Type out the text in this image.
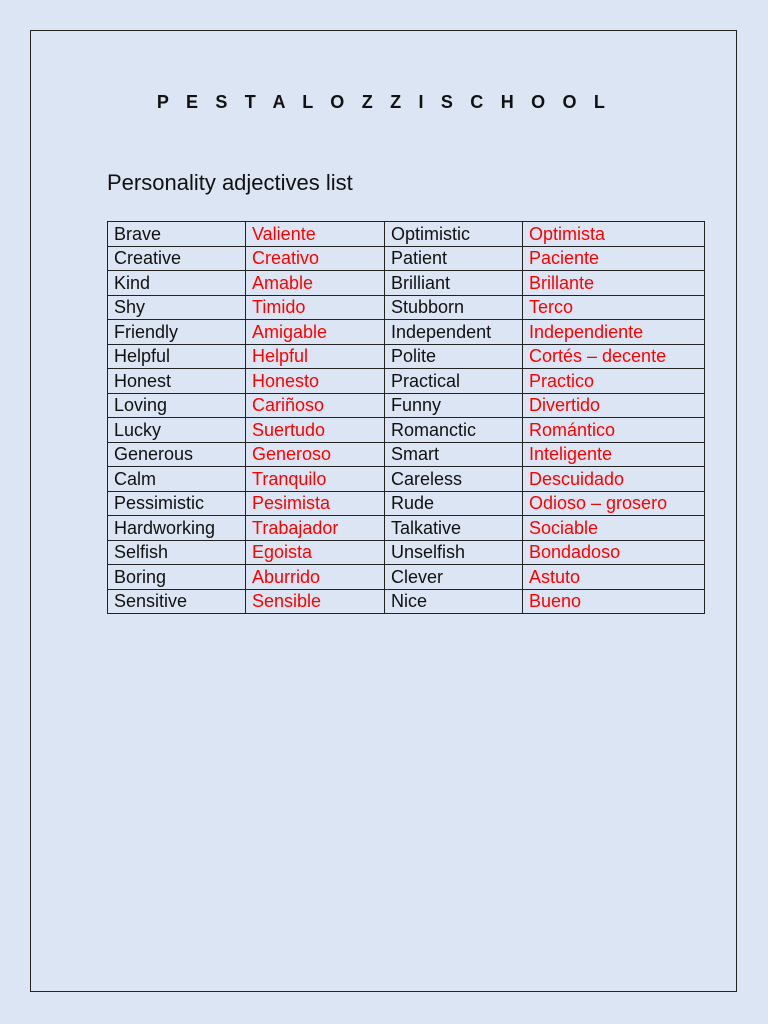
P E S T A L O Z Z I S C H O O L
Personality adjectives list
Brave	Valiente	Optimistic	Optimista
Creative	Creativo	Patient	Paciente
Kind	Amable	Brilliant	Brillante
Shy	Timido	Stubborn	Terco
Friendly	Amigable	Independent	Independiente
Helpful	Helpful	Polite	Cortés – decente
Honest	Honesto	Practical	Practico
Loving	Cariñoso	Funny	Divertido
Lucky	Suertudo	Romanctic	Romántico
Generous	Generoso	Smart	Inteligente
Calm	Tranquilo	Careless	Descuidado
Pessimistic	Pesimista	Rude	Odioso – grosero
Hardworking	Trabajador	Talkative	Sociable
Selfish	Egoista	Unselfish	Bondadoso
Boring	Aburrido	Clever	Astuto
Sensitive	Sensible	Nice	Bueno
